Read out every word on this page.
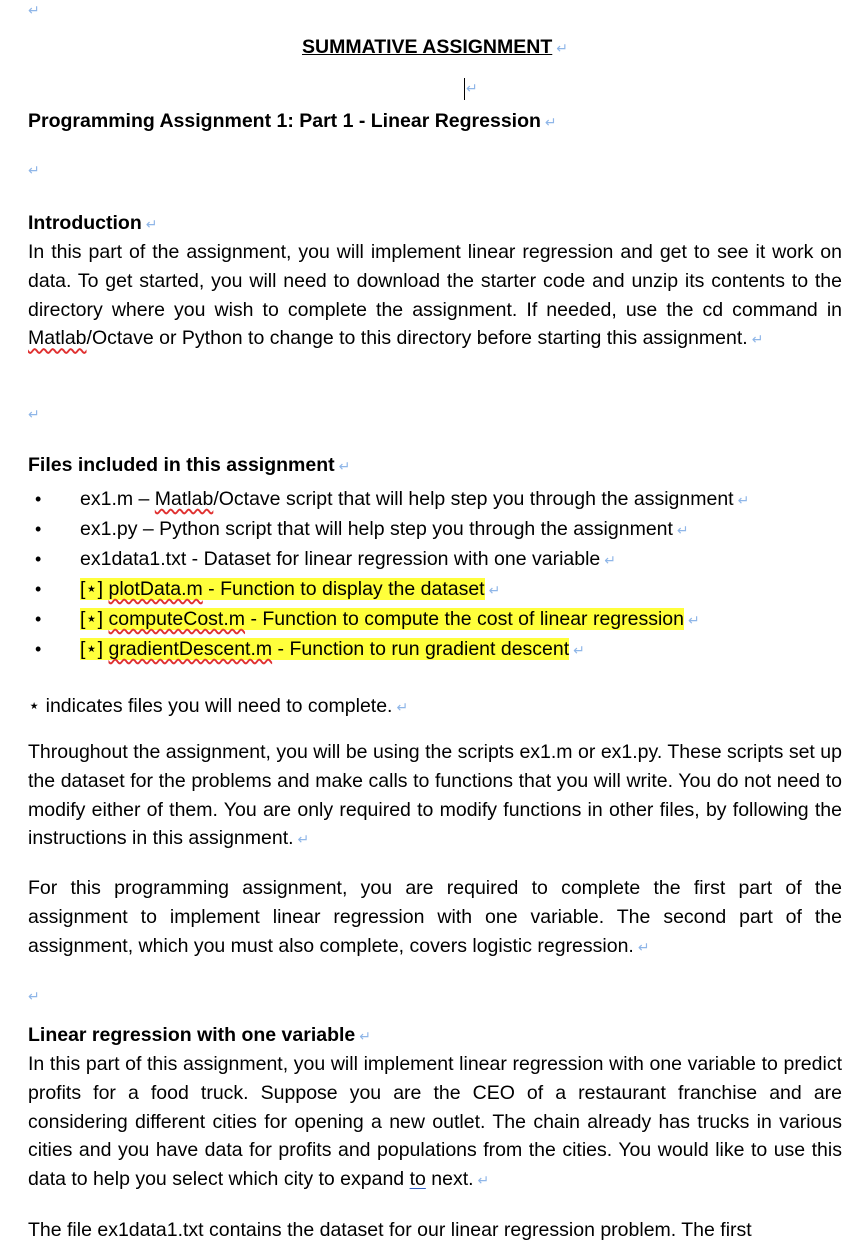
↵
SUMMATIVE ASSIGNMENT ↵
↵
Programming Assignment 1: Part 1 - Linear Regression ↵
↵
Introduction ↵

In this part of the assignment, you will implement linear regression and get to see it work on data. To get started, you will need to download the starter code and unzip its contents to the directory where you wish to complete the assignment. If needed, use the cd command in Matlab/Octave or Python to change to this directory before starting this assignment. ↵

↵
Files included in this assignment ↵
• ex1.m – Matlab/Octave script that will help step you through the assignment ↵
• ex1.py – Python script that will help step you through the assignment ↵
• ex1data1.txt - Dataset for linear regression with one variable ↵
• [⋆] plotData.m - Function to display the dataset ↵
• [⋆] computeCost.m - Function to compute the cost of linear regression ↵
• [⋆] gradientDescent.m - Function to run gradient descent ↵

⋆ indicates files you will need to complete. ↵

Throughout the assignment, you will be using the scripts ex1.m or ex1.py. These scripts set up the dataset for the problems and make calls to functions that you will write. You do not need to modify either of them. You are only required to modify functions in other files, by following the instructions in this assignment. ↵

For this programming assignment, you are required to complete the first part of the assignment to implement linear regression with one variable. The second part of the assignment, which you must also complete, covers logistic regression. ↵

↵
Linear regression with one variable ↵

In this part of this assignment, you will implement linear regression with one variable to predict profits for a food truck. Suppose you are the CEO of a restaurant franchise and are considering different cities for opening a new outlet. The chain already has trucks in various cities and you have data for profits and populations from the cities. You would like to use this data to help you select which city to expand to next. ↵

The file ex1data1.txt contains the dataset for our linear regression problem. The first
